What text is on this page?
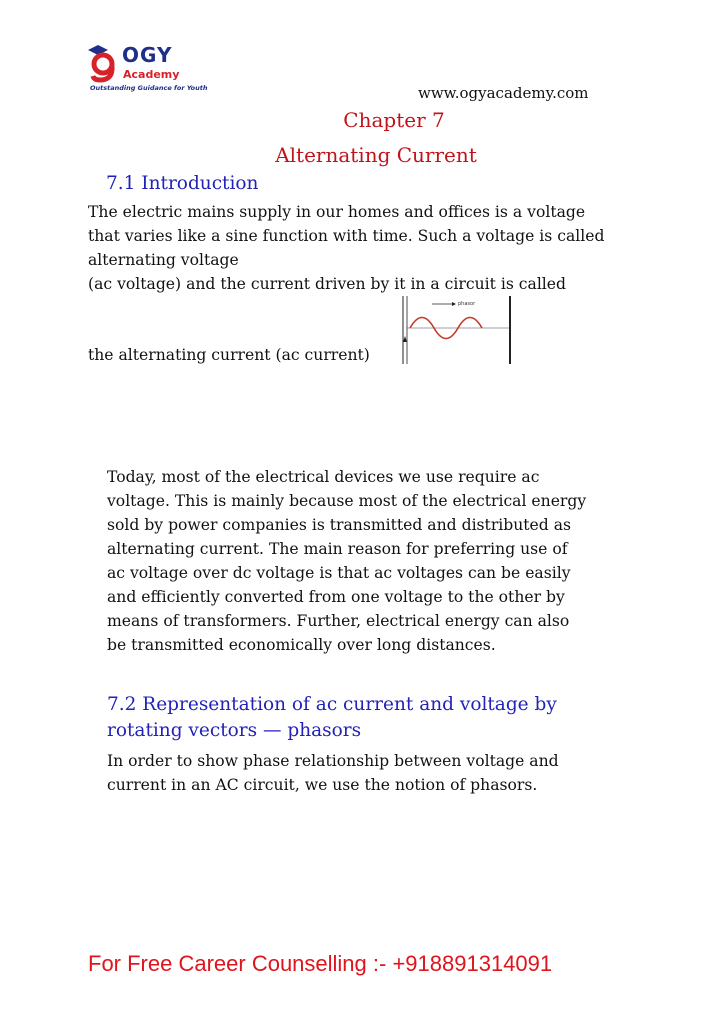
OGY
Academy
Outstanding Guidance for Youth	www.ogyacademy.com
Chapter 7
Alternating Current
7.1 Introduction
The electric mains supply in our homes and offices is a voltage that varies like a sine function with time. Such a voltage is called alternating voltage
(ac voltage) and the current driven by it in a circuit is called
the alternating current (ac current)
phasor
Today, most of the electrical devices we use require ac voltage. This is mainly because most of the electrical energy sold by power companies is transmitted and distributed as alternating current. The main reason for preferring use of ac voltage over dc voltage is that ac voltages can be easily and efficiently converted from one voltage to the other by means of transformers. Further, electrical energy can also be transmitted economically over long distances.
7.2 Representation of ac current and voltage by rotating vectors — phasors
In order to show phase relationship between voltage and current in an AC circuit, we use the notion of phasors.
For Free Career Counselling :- +918891314091
